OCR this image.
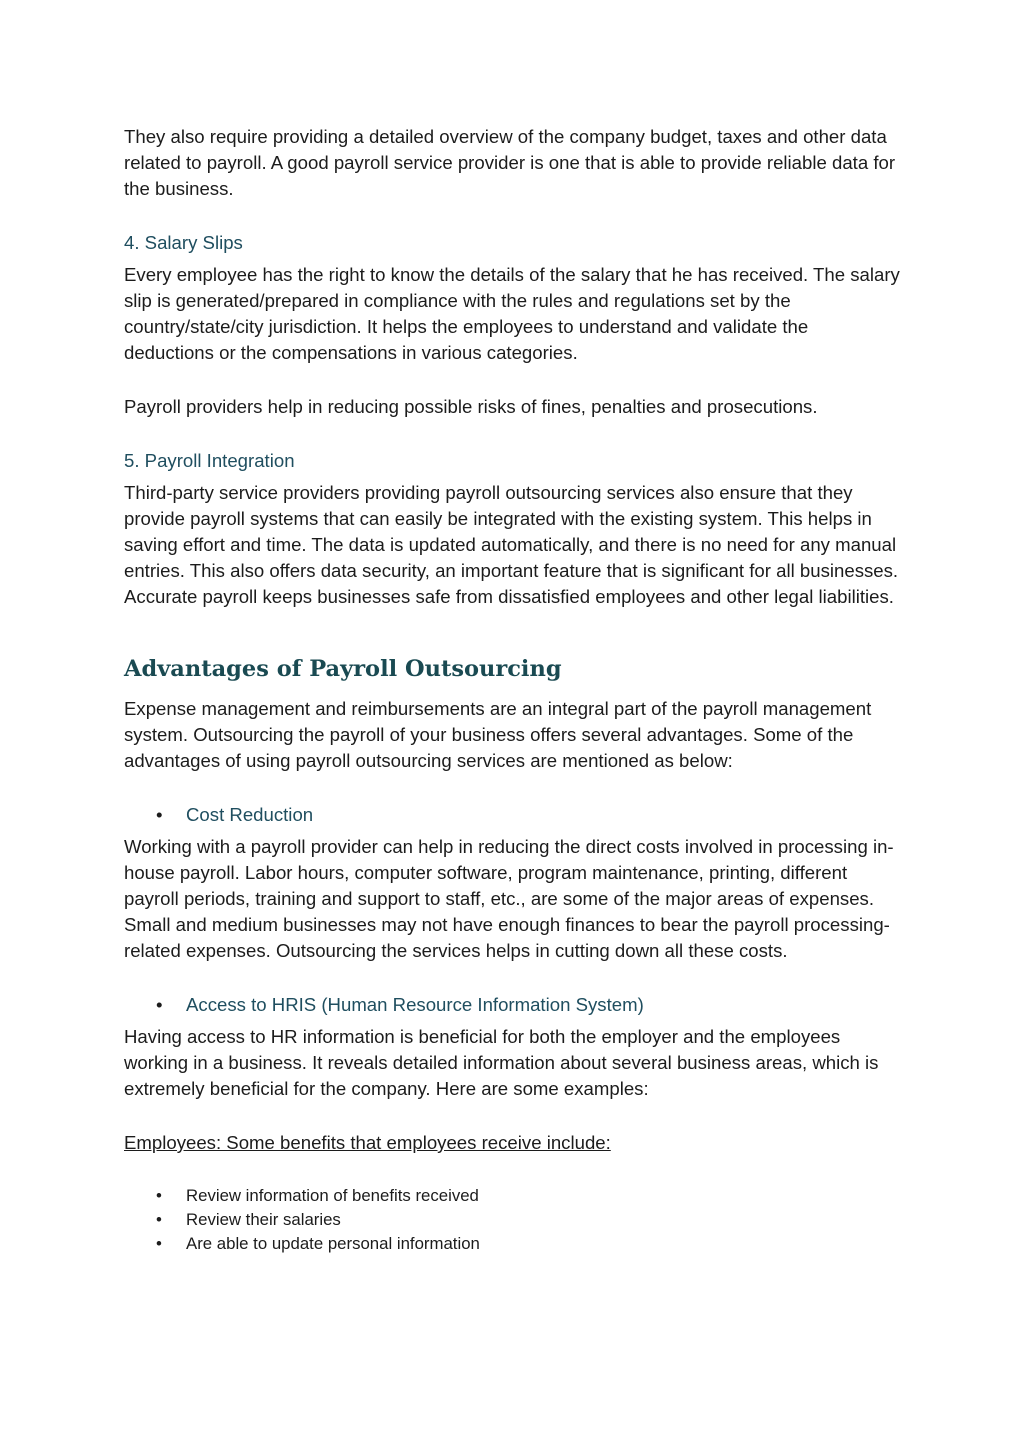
They also require providing a detailed overview of the company budget, taxes and other data related to payroll. A good payroll service provider is one that is able to provide reliable data for the business.

4. Salary Slips

Every employee has the right to know the details of the salary that he has received. The salary slip is generated/prepared in compliance with the rules and regulations set by the country/state/city jurisdiction. It helps the employees to understand and validate the deductions or the compensations in various categories.

Payroll providers help in reducing possible risks of fines, penalties and prosecutions.

5. Payroll Integration

Third-party service providers providing payroll outsourcing services also ensure that they provide payroll systems that can easily be integrated with the existing system. This helps in saving effort and time. The data is updated automatically, and there is no need for any manual entries. This also offers data security, an important feature that is significant for all businesses. Accurate payroll keeps businesses safe from dissatisfied employees and other legal liabilities.

Advantages of Payroll Outsourcing

Expense management and reimbursements are an integral part of the payroll management system. Outsourcing the payroll of your business offers several advantages. Some of the advantages of using payroll outsourcing services are mentioned as below:

• Cost Reduction

Working with a payroll provider can help in reducing the direct costs involved in processing in-house payroll. Labor hours, computer software, program maintenance, printing, different payroll periods, training and support to staff, etc., are some of the major areas of expenses. Small and medium businesses may not have enough finances to bear the payroll processing-related expenses. Outsourcing the services helps in cutting down all these costs.

• Access to HRIS (Human Resource Information System)

Having access to HR information is beneficial for both the employer and the employees working in a business. It reveals detailed information about several business areas, which is extremely beneficial for the company. Here are some examples:

Employees: Some benefits that employees receive include:

• Review information of benefits received
• Review their salaries
• Are able to update personal information
